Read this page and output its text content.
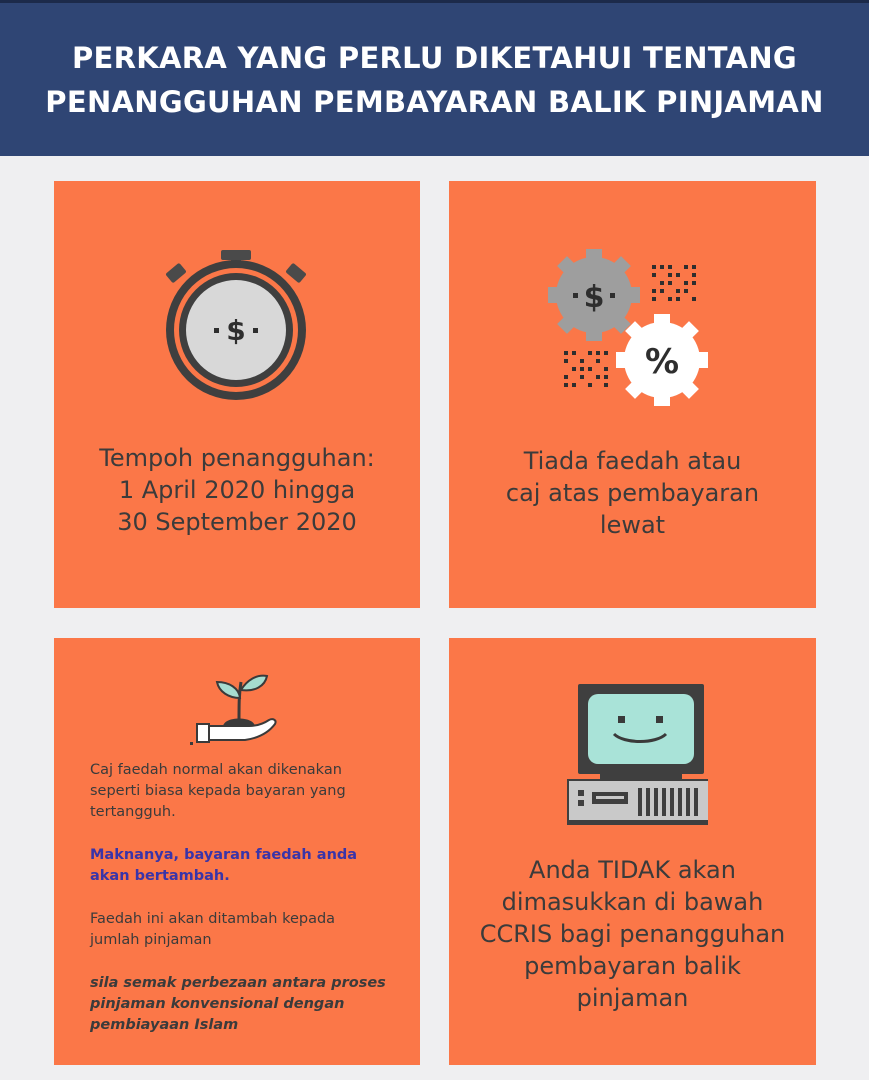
PERKARA YANG PERLU DIKETAHUI TENTANG
PENANGGUHAN PEMBAYARAN BALIK PINJAMAN
$
Tempoh penangguhan:
1 April 2020 hingga
30 September 2020
$
%
Tiada faedah atau
caj atas pembayaran
lewat
Caj faedah normal akan dikenakan
seperti biasa kepada bayaran yang
tertangguh.
Maknanya, bayaran faedah anda
akan bertambah.
Faedah ini akan ditambah kepada
jumlah pinjaman
sila semak perbezaan antara proses
pinjaman konvensional dengan
pembiayaan Islam
Anda TIDAK akan
dimasukkan di bawah
CCRIS bagi penangguhan
pembayaran balik
pinjaman
